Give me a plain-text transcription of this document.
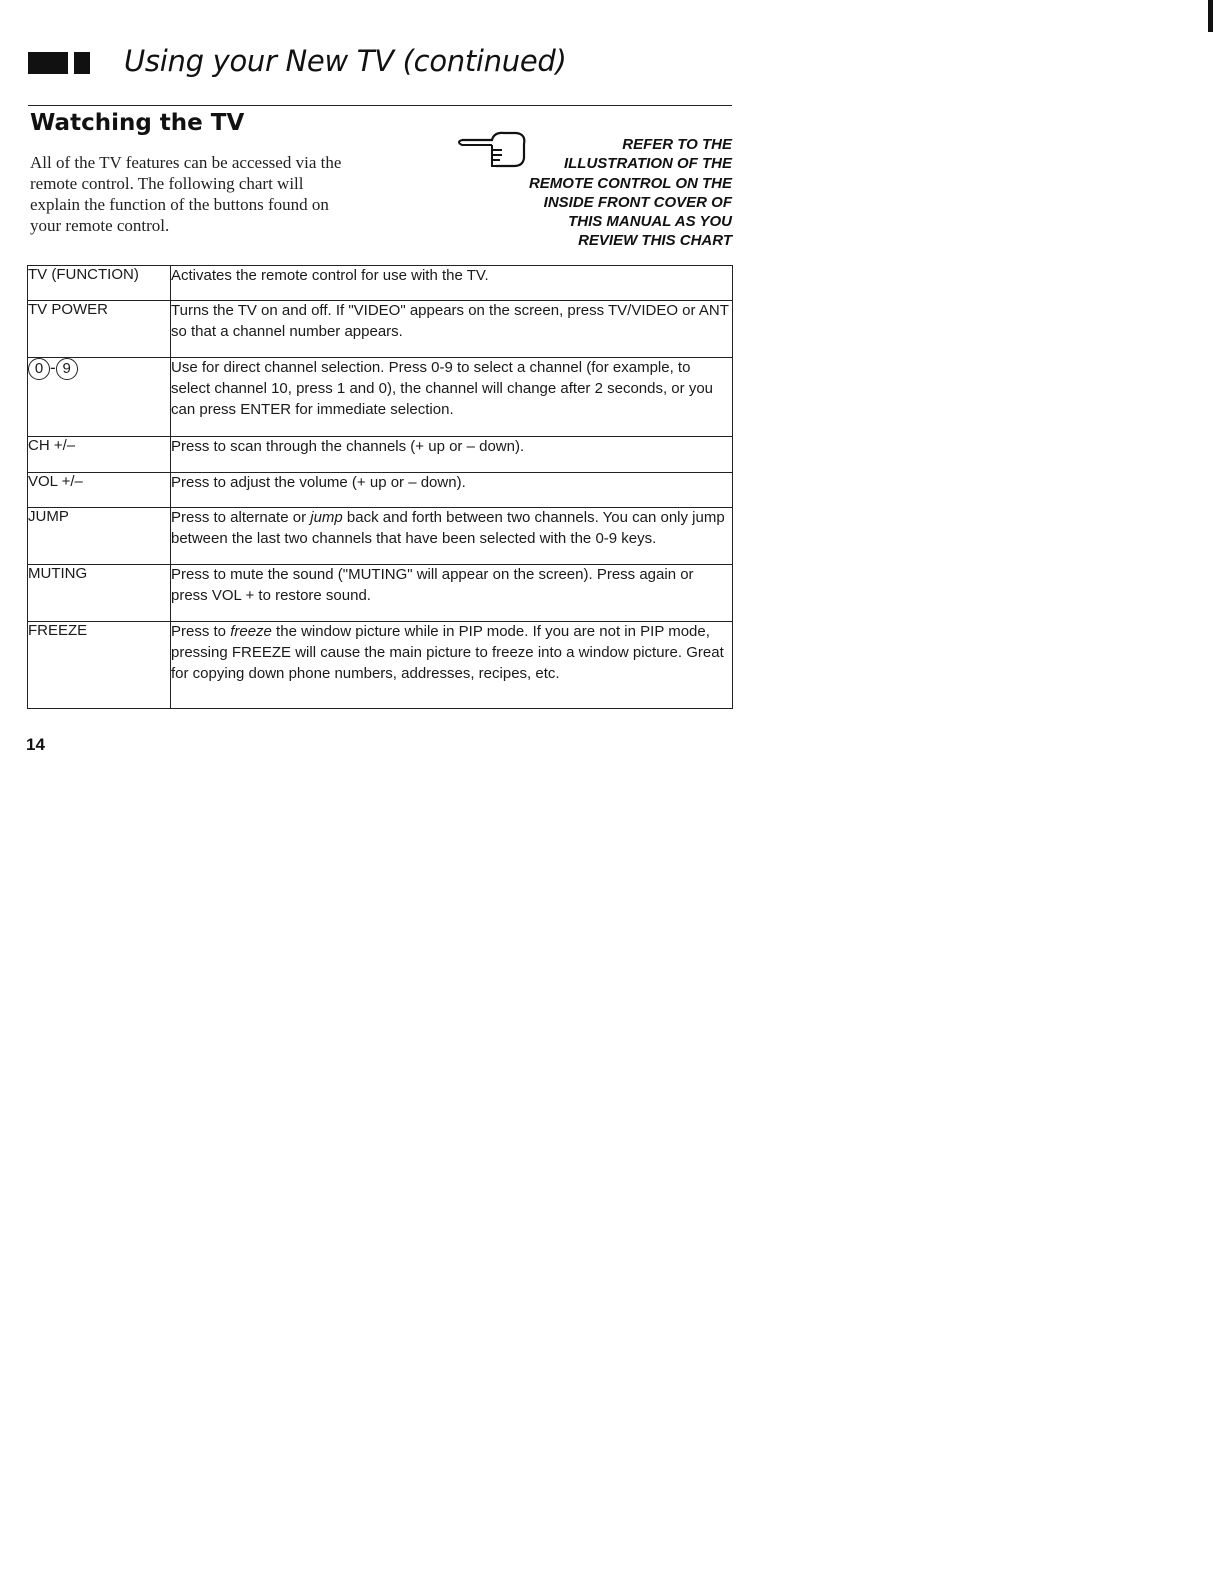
Using your New TV (continued)
Watching the TV
All of the TV features can be accessed via the
remote control. The following chart will
explain the function of the buttons found on
your remote control.
REFER TO THE
ILLUSTRATION OF THE
REMOTE CONTROL ON THE
INSIDE FRONT COVER OF
THIS MANUAL AS YOU
REVIEW THIS CHART
TV (FUNCTION)	Activates the remote control for use with the TV.
TV POWER	Turns the TV on and off. If "VIDEO" appears on the screen, press TV/VIDEO or ANT so that a channel number appears.
0 - 9	Use for direct channel selection. Press 0-9 to select a channel (for example, to select channel 10, press 1 and 0), the channel will change after 2 seconds, or you can press ENTER for immediate selection.
CH +/–	Press to scan through the channels (+ up or – down).
VOL +/–	Press to adjust the volume (+ up or – down).
JUMP	Press to alternate or jump back and forth between two channels. You can only jump between the last two channels that have been selected with the 0-9 keys.
MUTING	Press to mute the sound ("MUTING" will appear on the screen). Press again or press VOL + to restore sound.
FREEZE	Press to freeze the window picture while in PIP mode. If you are not in PIP mode, pressing FREEZE will cause the main picture to freeze into a window picture. Great for copying down phone numbers, addresses, recipes, etc.
14
